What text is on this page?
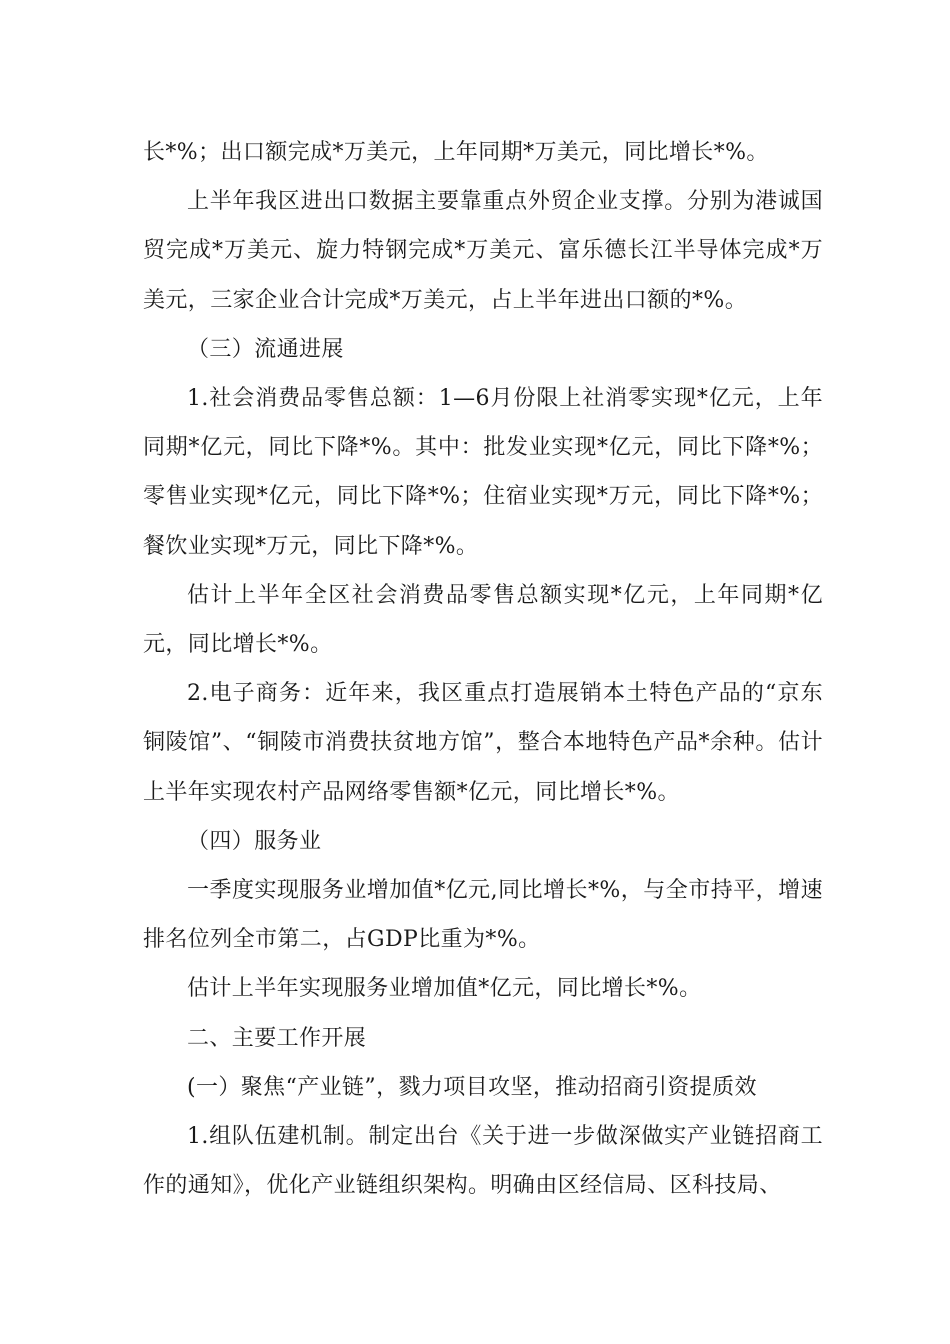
长*%；出口额完成*万美元，上年同期*万美元，同比增长*%。

上半年我区进出口数据主要靠重点外贸企业支撑。分别为港诚国贸完成*万美元、旋力特钢完成*万美元、富乐德长江半导体完成*万美元，三家企业合计完成*万美元，占上半年进出口额的*%。

（三）流通进展

1.社会消费品零售总额：1—6月份限上社消零实现*亿元，上年同期*亿元，同比下降*%。其中：批发业实现*亿元，同比下降*%；零售业实现*亿元，同比下降*%；住宿业实现*万元，同比下降*%；餐饮业实现*万元，同比下降*%。

估计上半年全区社会消费品零售总额实现*亿元，上年同期*亿元，同比增长*%。

2.电子商务：近年来，我区重点打造展销本土特色产品的“京东铜陵馆”、“铜陵市消费扶贫地方馆”，整合本地特色产品*余种。估计上半年实现农村产品网络零售额*亿元，同比增长*%。

（四）服务业

一季度实现服务业增加值*亿元,同比增长*%，与全市持平，增速排名位列全市第二，占GDP比重为*%。

估计上半年实现服务业增加值*亿元，同比增长*%。

二、主要工作开展

(一）聚焦“产业链”，戮力项目攻坚，推动招商引资提质效

1.组队伍建机制。制定出台《关于进一步做深做实产业链招商工作的通知》，优化产业链组织架构。明确由区经信局、区科技局、
